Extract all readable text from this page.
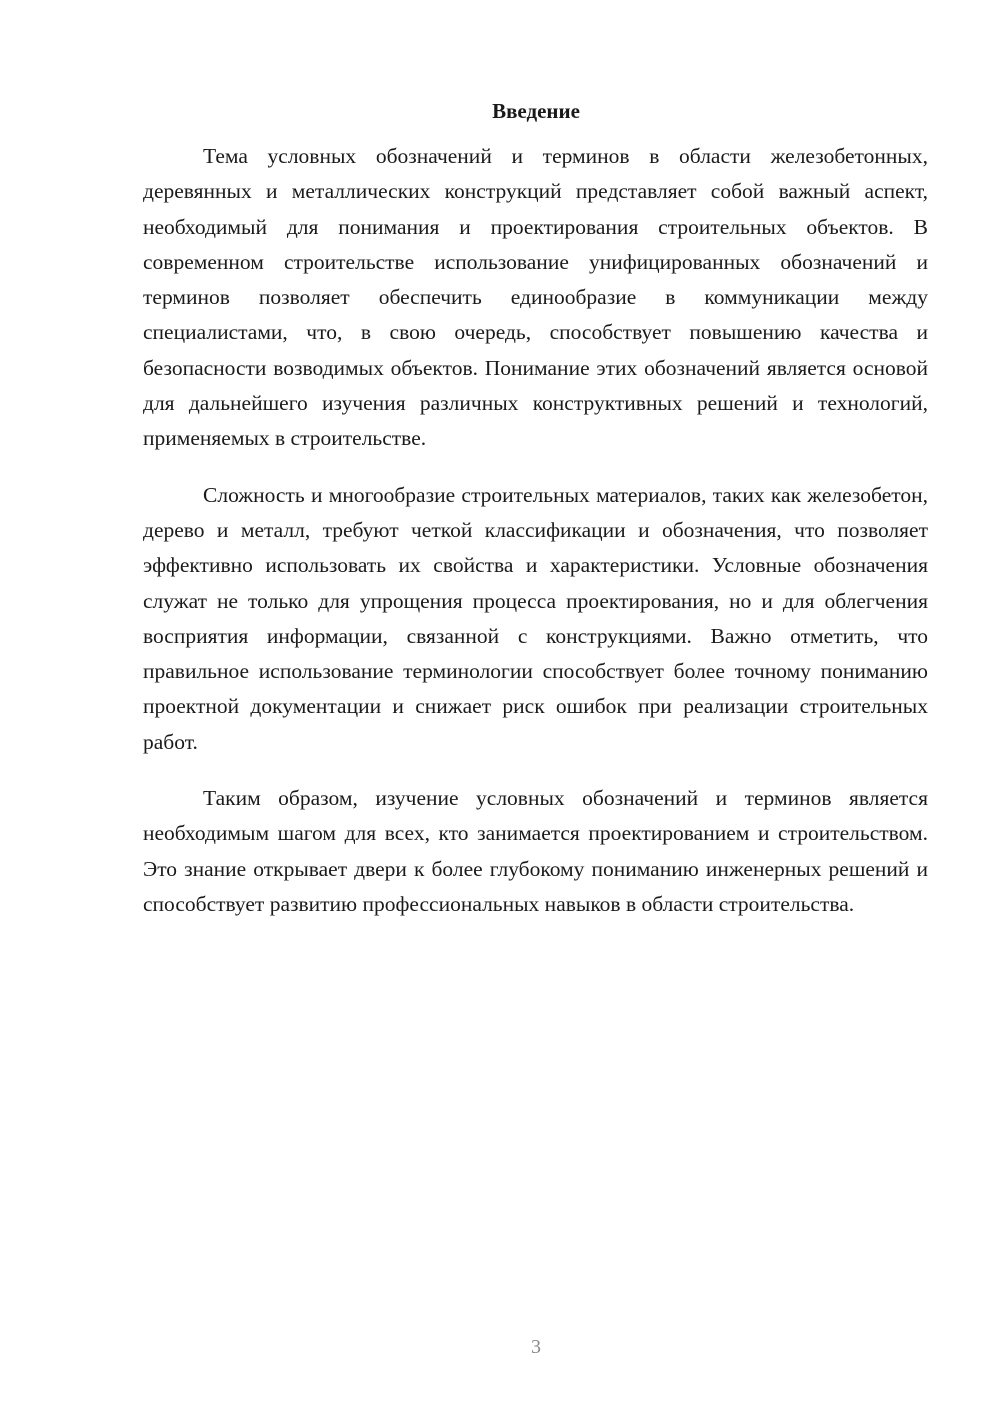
Введение

Тема условных обозначений и терминов в области железобетонных, деревянных и металлических конструкций представляет собой важный аспект, необходимый для понимания и проектирования строительных объектов. В современном строительстве использование унифицированных обозначений и терминов позволяет обеспечить единообразие в коммуникации между специалистами, что, в свою очередь, способствует повышению качества и безопасности возводимых объектов. Понимание этих обозначений является основой для дальнейшего изучения различных конструктивных решений и технологий, применяемых в строительстве.

Сложность и многообразие строительных материалов, таких как железобетон, дерево и металл, требуют четкой классификации и обозначения, что позволяет эффективно использовать их свойства и характеристики. Условные обозначения служат не только для упрощения процесса проектирования, но и для облегчения восприятия информации, связанной с конструкциями. Важно отметить, что правильное использование терминологии способствует более точному пониманию проектной документации и снижает риск ошибок при реализации строительных работ.

Таким образом, изучение условных обозначений и терминов является необходимым шагом для всех, кто занимается проектированием и строительством. Это знание открывает двери к более глубокому пониманию инженерных решений и способствует развитию профессиональных навыков в области строительства.

3
